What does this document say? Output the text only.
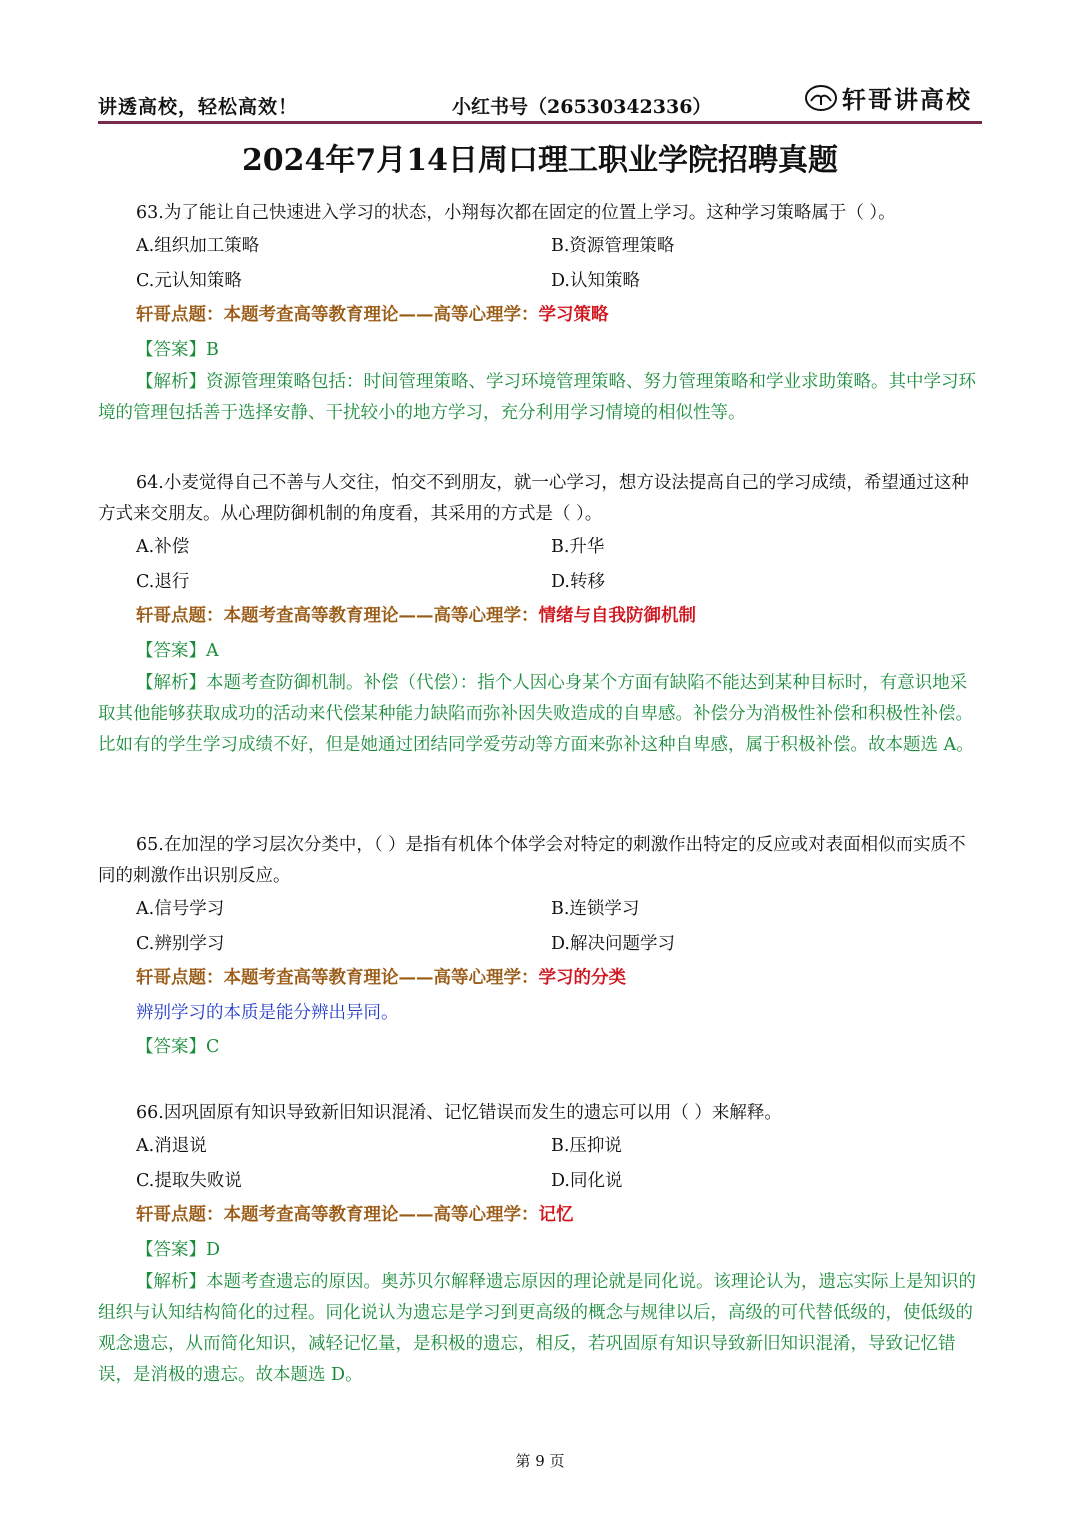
讲透高校，轻松高效！	小红书号（26530342336）	轩哥讲高校
2024年7月14日周口理工职业学院招聘真题
63.为了能让自己快速进入学习的状态，小翔每次都在固定的位置上学习。这种学习策略属于（ ）。
A.组织加工策略	B.资源管理策略
C.元认知策略	D.认知策略
轩哥点题：本题考查高等教育理论——高等心理学：学习策略
【答案】B
【解析】资源管理策略包括：时间管理策略、学习环境管理策略、努力管理策略和学业求助策略。其中学习环境的管理包括善于选择安静、干扰较小的地方学习，充分利用学习情境的相似性等。
64.小麦觉得自己不善与人交往，怕交不到朋友，就一心学习，想方设法提高自己的学习成绩，希望通过这种方式来交朋友。从心理防御机制的角度看，其采用的方式是（ ）。
A.补偿	B.升华
C.退行	D.转移
轩哥点题：本题考查高等教育理论——高等心理学：情绪与自我防御机制
【答案】A
【解析】本题考查防御机制。补偿（代偿）：指个人因心身某个方面有缺陷不能达到某种目标时，有意识地采取其他能够获取成功的活动来代偿某种能力缺陷而弥补因失败造成的自卑感。补偿分为消极性补偿和积极性补偿。比如有的学生学习成绩不好，但是她通过团结同学爱劳动等方面来弥补这种自卑感，属于积极补偿。故本题选 A。
65.在加涅的学习层次分类中，（ ）是指有机体个体学会对特定的刺激作出特定的反应或对表面相似而实质不同的刺激作出识别反应。
A.信号学习	B.连锁学习
C.辨别学习	D.解决问题学习
轩哥点题：本题考查高等教育理论——高等心理学：学习的分类
辨别学习的本质是能分辨出异同。
【答案】C
66.因巩固原有知识导致新旧知识混淆、记忆错误而发生的遗忘可以用（ ）来解释。
A.消退说	B.压抑说
C.提取失败说	D.同化说
轩哥点题：本题考查高等教育理论——高等心理学：记忆
【答案】D
【解析】本题考查遗忘的原因。奥苏贝尔解释遗忘原因的理论就是同化说。该理论认为，遗忘实际上是知识的组织与认知结构简化的过程。同化说认为遗忘是学习到更高级的概念与规律以后，高级的可代替低级的，使低级的观念遗忘，从而简化知识，减轻记忆量，是积极的遗忘，相反，若巩固原有知识导致新旧知识混淆，导致记忆错误，是消极的遗忘。故本题选 D。
第 9 页
